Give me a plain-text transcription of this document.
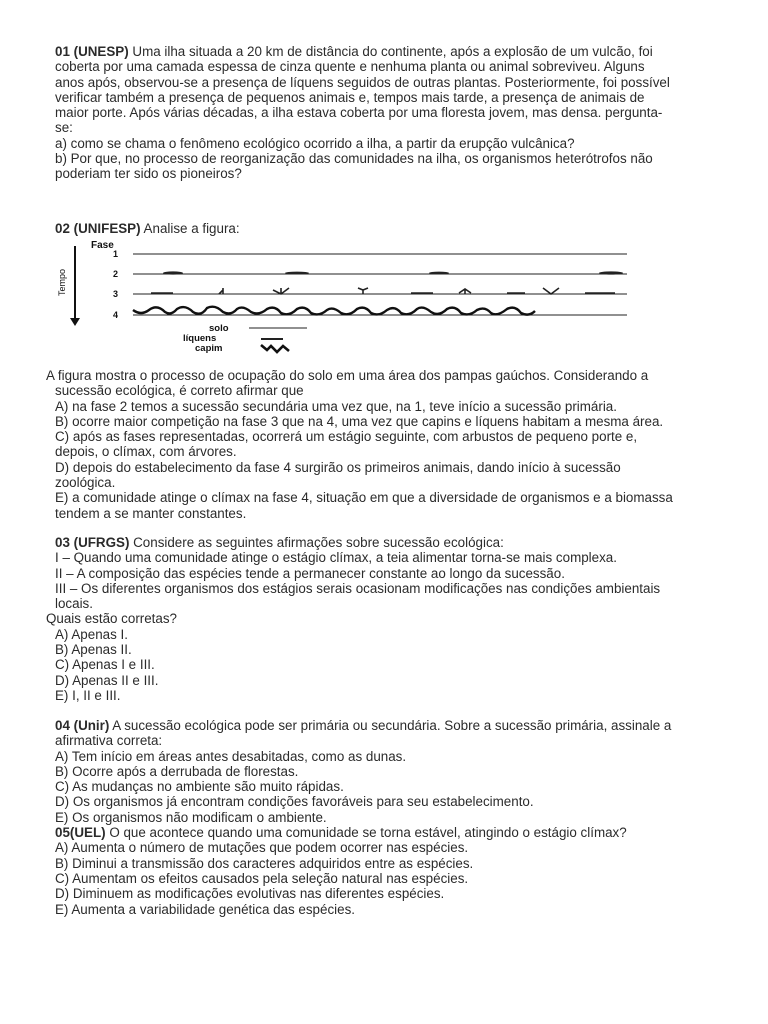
01 (UNESP) Uma ilha situada a 20 km de distância do continente, após a explosão de um vulcão, foi
coberta por uma camada espessa de cinza quente e nenhuma planta ou animal sobreviveu. Alguns
anos após, observou-se a presença de líquens seguidos de outras plantas. Posteriormente, foi possível
verificar também a presença de pequenos animais e, tempos mais tarde, a presença de animais de
maior porte. Após várias décadas, a ilha estava coberta por uma floresta jovem, mas densa. pergunta-
se:
a) como se chama o fenômeno ecológico ocorrido a ilha, a partir da erupção vulcânica?
b) Por que, no processo de reorganização das comunidades na ilha, os organismos heterótrofos não
poderiam ter sido os pioneiros?
02 (UNIFESP) Analise a figura:
Fase
1
2
3
4
Tempo
solo
líquens
capim
A figura mostra o processo de ocupação do solo em uma área dos pampas gaúchos. Considerando a
sucessão ecológica, é correto afirmar que
A) na fase 2 temos a sucessão secundária uma vez que, na 1, teve início a sucessão primária.
B) ocorre maior competição na fase 3 que na 4, uma vez que capins e líquens habitam a mesma área.
C) após as fases representadas, ocorrerá um estágio seguinte, com arbustos de pequeno porte e,
depois, o clímax, com árvores.
D) depois do estabelecimento da fase 4 surgirão os primeiros animais, dando início à sucessão
zoológica.
E) a comunidade atinge o clímax na fase 4, situação em que a diversidade de organismos e a biomassa
tendem a se manter constantes.
03 (UFRGS) Considere as seguintes afirmações sobre sucessão ecológica:
I – Quando uma comunidade atinge o estágio clímax, a teia alimentar torna-se mais complexa.
II – A composição das espécies tende a permanecer constante ao longo da sucessão.
III – Os diferentes organismos dos estágios serais ocasionam modificações nas condições ambientais
locais.
Quais estão corretas?
A) Apenas I.
B) Apenas II.
C) Apenas I e III.
D) Apenas II e III.
E) I, II e III.
04 (Unir) A sucessão ecológica pode ser primária ou secundária. Sobre a sucessão primária, assinale a
afirmativa correta:
A) Tem início em áreas antes desabitadas, como as dunas.
B) Ocorre após a derrubada de florestas.
C) As mudanças no ambiente são muito rápidas.
D) Os organismos já encontram condições favoráveis para seu estabelecimento.
E) Os organismos não modificam o ambiente.
05(UEL) O que acontece quando uma comunidade se torna estável, atingindo o estágio clímax?
A) Aumenta o número de mutações que podem ocorrer nas espécies.
B) Diminui a transmissão dos caracteres adquiridos entre as espécies.
C) Aumentam os efeitos causados pela seleção natural nas espécies.
D) Diminuem as modificações evolutivas nas diferentes espécies.
E) Aumenta a variabilidade genética das espécies.
